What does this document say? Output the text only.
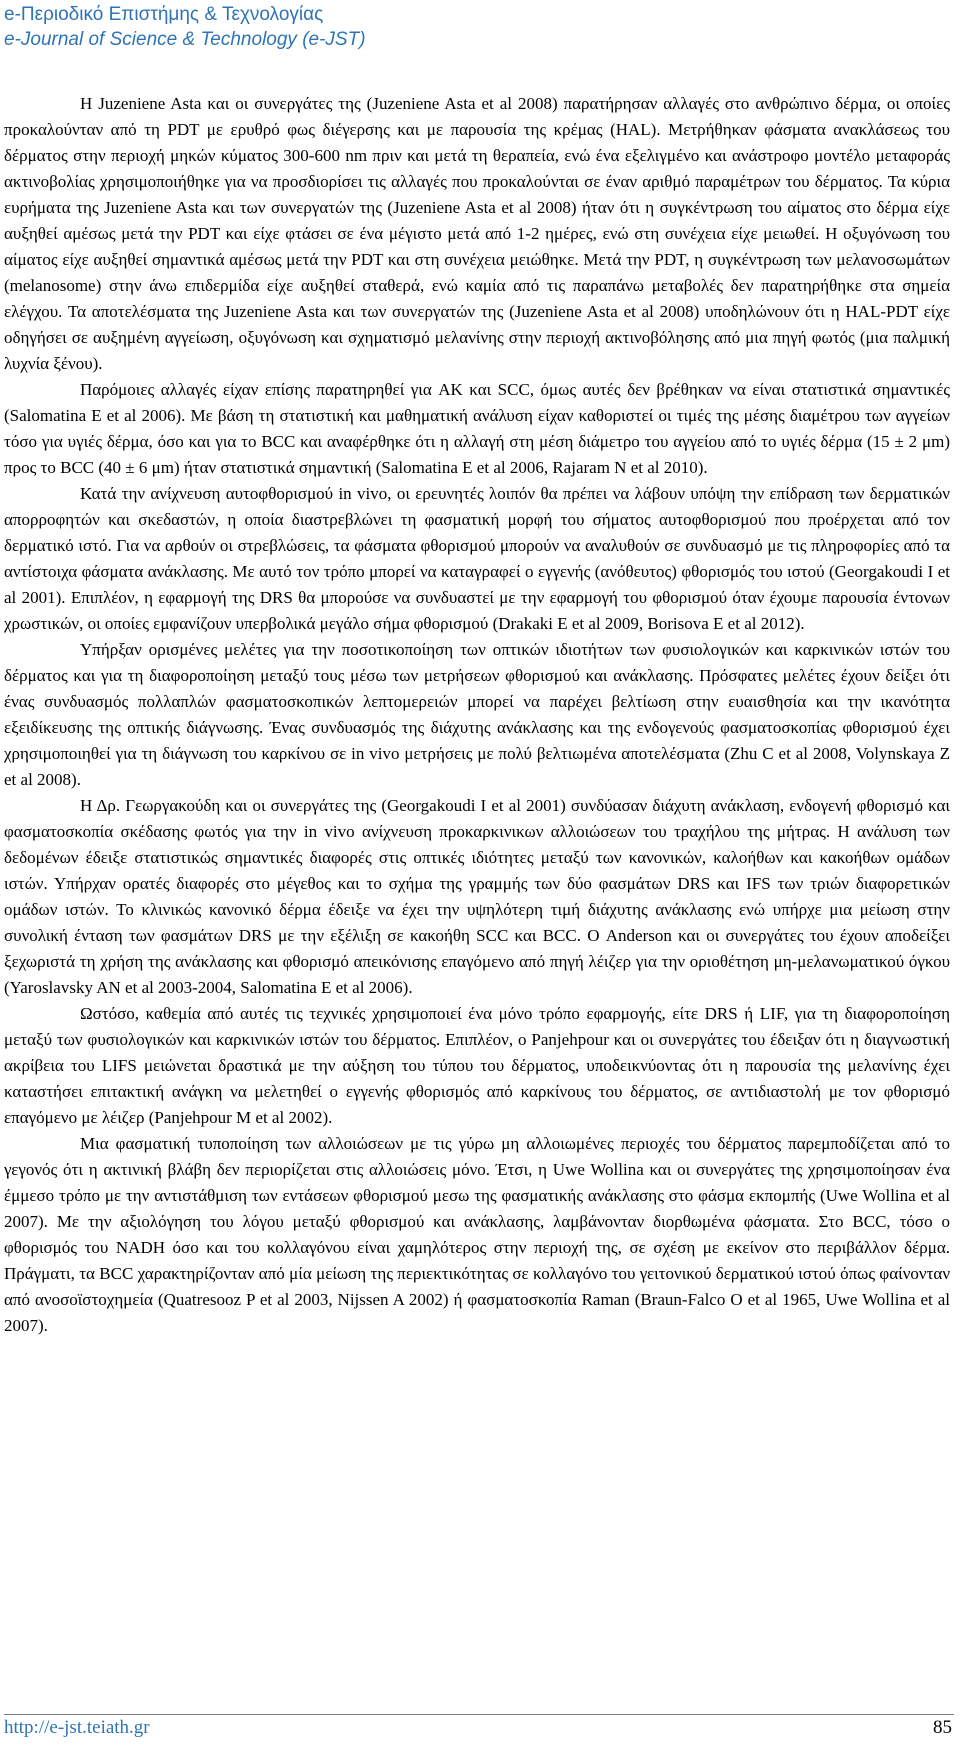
e-Περιοδικό Επιστήμης & Τεχνολογίας
e-Journal of Science & Technology (e-JST)

Η Juzeniene Asta και οι συνεργάτες της (Juzeniene Asta et al 2008) παρατήρησαν αλλαγές στο ανθρώπινο δέρμα, οι οποίες προκαλούνταν από τη PDT με ερυθρό φως διέγερσης και με παρουσία της κρέμας (HAL). Μετρήθηκαν φάσματα ανακλάσεως του δέρματος στην περιοχή μηκών κύματος 300-600 nm πριν και μετά τη θεραπεία, ενώ ένα εξελιγμένο και ανάστροφο μοντέλο μεταφοράς ακτινοβολίας χρησιμοποιήθηκε για να προσδιορίσει τις αλλαγές που προκαλούνται σε έναν αριθμό παραμέτρων του δέρματος. Τα κύρια ευρήματα της Juzeniene Asta και των συνεργατών της (Juzeniene Asta et al 2008) ήταν ότι η συγκέντρωση του αίματος στο δέρμα είχε αυξηθεί αμέσως μετά την PDT και είχε φτάσει σε ένα μέγιστο μετά από 1-2 ημέρες, ενώ στη συνέχεια είχε μειωθεί. Η οξυγόνωση του αίματος είχε αυξηθεί σημαντικά αμέσως μετά την PDT και στη συνέχεια μειώθηκε. Μετά την PDT, η συγκέντρωση των μελανοσωμάτων (melanosome) στην άνω επιδερμίδα είχε αυξηθεί σταθερά, ενώ καμία από τις παραπάνω μεταβολές δεν παρατηρήθηκε στα σημεία ελέγχου. Τα αποτελέσματα της Juzeniene Asta και των συνεργατών της (Juzeniene Asta et al 2008) υποδηλώνουν ότι η HAL-PDT είχε οδηγήσει σε αυξημένη αγγείωση, οξυγόνωση και σχηματισμό μελανίνης στην περιοχή ακτινοβόλησης από μια πηγή φωτός (μια παλμική λυχνία ξένου).

Παρόμοιες αλλαγές είχαν επίσης παρατηρηθεί για AK και SCC, όμως αυτές δεν βρέθηκαν να είναι στατιστικά σημαντικές (Salomatina E et al 2006). Με βάση τη στατιστική και μαθηματική ανάλυση είχαν καθοριστεί οι τιμές της μέσης διαμέτρου των αγγείων τόσο για υγιές δέρμα, όσο και για το BCC και αναφέρθηκε ότι η αλλαγή στη μέση διάμετρο του αγγείου από το υγιές δέρμα (15 ± 2 μm) προς το BCC (40 ± 6 μm) ήταν στατιστικά σημαντική (Salomatina E et al 2006, Rajaram N et al 2010).

Κατά την ανίχνευση αυτοφθορισμού in vivo, οι ερευνητές λοιπόν θα πρέπει να λάβουν υπόψη την επίδραση των δερματικών απορροφητών και σκεδαστών, η οποία διαστρεβλώνει τη φασματική μορφή του σήματος αυτοφθορισμού που προέρχεται από τον δερματικό ιστό. Για να αρθούν οι στρεβλώσεις, τα φάσματα φθορισμού μπορούν να αναλυθούν σε συνδυασμό με τις πληροφορίες από τα αντίστοιχα φάσματα ανάκλασης. Με αυτό τον τρόπο μπορεί να καταγραφεί ο εγγενής (ανόθευτος) φθορισμός του ιστού (Georgakoudi I et al 2001). Επιπλέον, η εφαρμογή της DRS θα μπορούσε να συνδυαστεί με την εφαρμογή του φθορισμού όταν έχουμε παρουσία έντονων χρωστικών, οι οποίες εμφανίζουν υπερβολικά μεγάλο σήμα φθορισμού (Drakaki E et al 2009, Borisova E et al 2012).

Υπήρξαν ορισμένες μελέτες για την ποσοτικοποίηση των οπτικών ιδιοτήτων των φυσιολογικών και καρκινικών ιστών του δέρματος και για τη διαφοροποίηση μεταξύ τους μέσω των μετρήσεων φθορισμού και ανάκλασης. Πρόσφατες μελέτες έχουν δείξει ότι ένας συνδυασμός πολλαπλών φασματοσκοπικών λεπτομερειών μπορεί να παρέχει βελτίωση στην ευαισθησία και την ικανότητα εξειδίκευσης της οπτικής διάγνωσης. Ένας συνδυασμός της διάχυτης ανάκλασης και της ενδογενούς φασματοσκοπίας φθορισμού έχει χρησιμοποιηθεί για τη διάγνωση του καρκίνου σε in vivo μετρήσεις με πολύ βελτιωμένα αποτελέσματα (Zhu C et al 2008, Volynskaya Z et al 2008).

Η Δρ. Γεωργακούδη και οι συνεργάτες της (Georgakoudi I et al 2001) συνδύασαν διάχυτη ανάκλαση, ενδογενή φθορισμό και φασματοσκοπία σκέδασης φωτός για την in vivo ανίχνευση προκαρκινικων αλλοιώσεων του τραχήλου της μήτρας. Η ανάλυση των δεδομένων έδειξε στατιστικώς σημαντικές διαφορές στις οπτικές ιδιότητες μεταξύ των κανονικών, καλοήθων και κακοήθων ομάδων ιστών. Υπήρχαν ορατές διαφορές στο μέγεθος και το σχήμα της γραμμής των δύο φασμάτων DRS και IFS των τριών διαφορετικών ομάδων ιστών. Το κλινικώς κανονικό δέρμα έδειξε να έχει την υψηλότερη τιμή διάχυτης ανάκλασης ενώ υπήρχε μια μείωση στην συνολική ένταση των φασμάτων DRS με την εξέλιξη σε κακοήθη SCC και BCC. Ο Anderson και οι συνεργάτες του έχουν αποδείξει ξεχωριστά τη χρήση της ανάκλασης και φθορισμό απεικόνισης επαγόμενο από πηγή λέιζερ για την οριοθέτηση μη-μελανωματικού όγκου (Yaroslavsky AN et al 2003-2004, Salomatina E et al 2006).

Ωστόσο, καθεμία από αυτές τις τεχνικές χρησιμοποιεί ένα μόνο τρόπο εφαρμογής, είτε DRS ή LIF, για τη διαφοροποίηση μεταξύ των φυσιολογικών και καρκινικών ιστών του δέρματος. Επιπλέον, ο Panjehpour και οι συνεργάτες του έδειξαν ότι η διαγνωστική ακρίβεια του LIFS μειώνεται δραστικά με την αύξηση του τύπου του δέρματος, υποδεικνύοντας ότι η παρουσία της μελανίνης έχει καταστήσει επιτακτική ανάγκη να μελετηθεί ο εγγενής φθορισμός από καρκίνους του δέρματος, σε αντιδιαστολή με τον φθορισμό επαγόμενο με λέιζερ (Panjehpour M et al 2002).

Μια φασματική τυποποίηση των αλλοιώσεων με τις γύρω μη αλλοιωμένες περιοχές του δέρματος παρεμποδίζεται από το γεγονός ότι η ακτινική βλάβη δεν περιορίζεται στις αλλοιώσεις μόνο. Έτσι, η Uwe Wollina και οι συνεργάτες της χρησιμοποίησαν ένα έμμεσο τρόπο με την αντιστάθμιση των εντάσεων φθορισμού μεσω της φασματικής ανάκλασης στο φάσμα εκπομπής (Uwe Wollina et al 2007). Με την αξιολόγηση του λόγου μεταξύ φθορισμού και ανάκλασης, λαμβάνονταν διορθωμένα φάσματα. Στο BCC, τόσο ο φθορισμός του NADH όσο και του κολλαγόνου είναι χαμηλότερος στην περιοχή της, σε σχέση με εκείνον στο περιβάλλον δέρμα. Πράγματι, τα BCC χαρακτηρίζονταν από μία μείωση της περιεκτικότητας σε κολλαγόνο του γειτονικού δερματικού ιστού όπως φαίνονταν από ανοσοϊστοχημεία (Quatresooz P et al 2003, Nijssen A 2002) ή φασματοσκοπία Raman (Braun-Falco O et al 1965, Uwe Wollina et al 2007).

http://e-jst.teiath.gr	85
